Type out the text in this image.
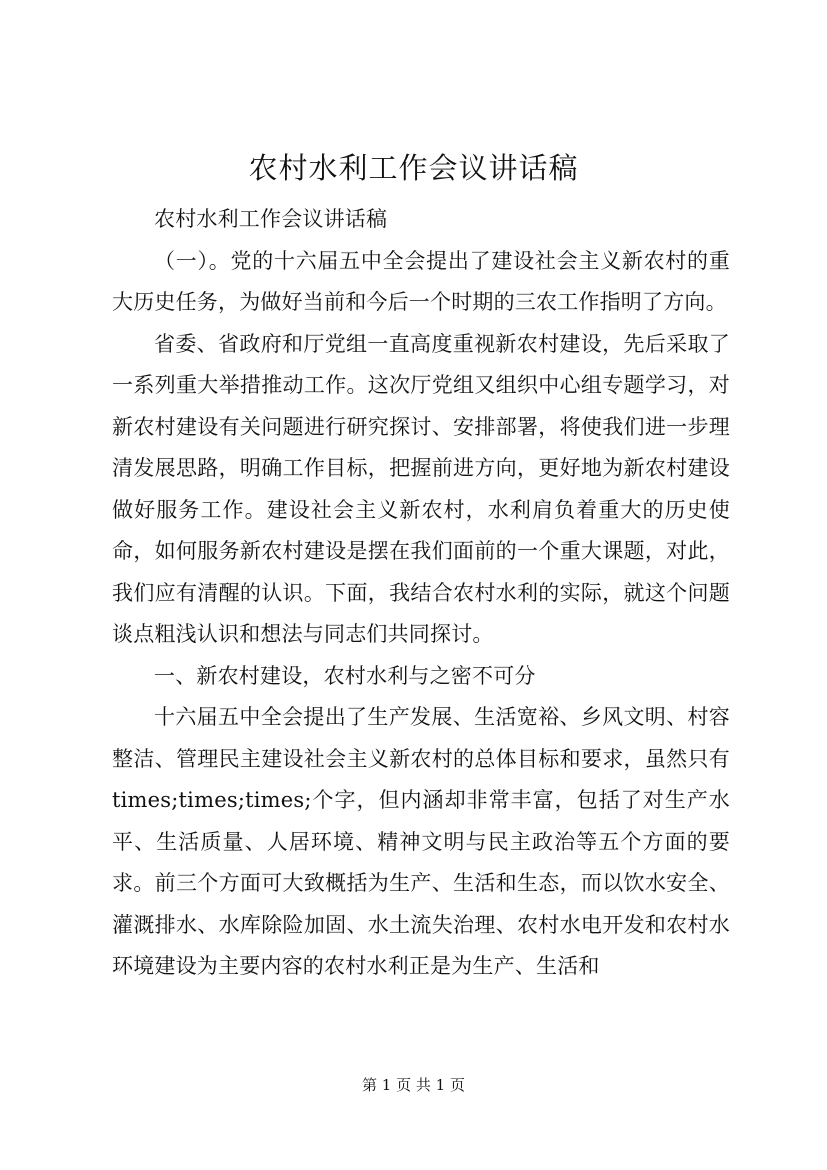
农村水利工作会议讲话稿

农村水利工作会议讲话稿

（一）。党的十六届五中全会提出了建设社会主义新农村的重大历史任务，为做好当前和今后一个时期的三农工作指明了方向。

省委、省政府和厅党组一直高度重视新农村建设，先后采取了一系列重大举措推动工作。这次厅党组又组织中心组专题学习，对新农村建设有关问题进行研究探讨、安排部署，将使我们进一步理清发展思路，明确工作目标，把握前进方向，更好地为新农村建设做好服务工作。建设社会主义新农村，水利肩负着重大的历史使命，如何服务新农村建设是摆在我们面前的一个重大课题，对此，我们应有清醒的认识。下面，我结合农村水利的实际，就这个问题谈点粗浅认识和想法与同志们共同探讨。

一、新农村建设，农村水利与之密不可分

十六届五中全会提出了生产发展、生活宽裕、乡风文明、村容整洁、管理民主建设社会主义新农村的总体目标和要求，虽然只有 times;times;times;个字，但内涵却非常丰富，包括了对生产水平、生活质量、人居环境、精神文明与民主政治等五个方面的要求。前三个方面可大致概括为生产、生活和生态，而以饮水安全、灌溉排水、水库除险加固、水土流失治理、农村水电开发和农村水环境建设为主要内容的农村水利正是为生产、生活和

第 1 页 共 1 页
